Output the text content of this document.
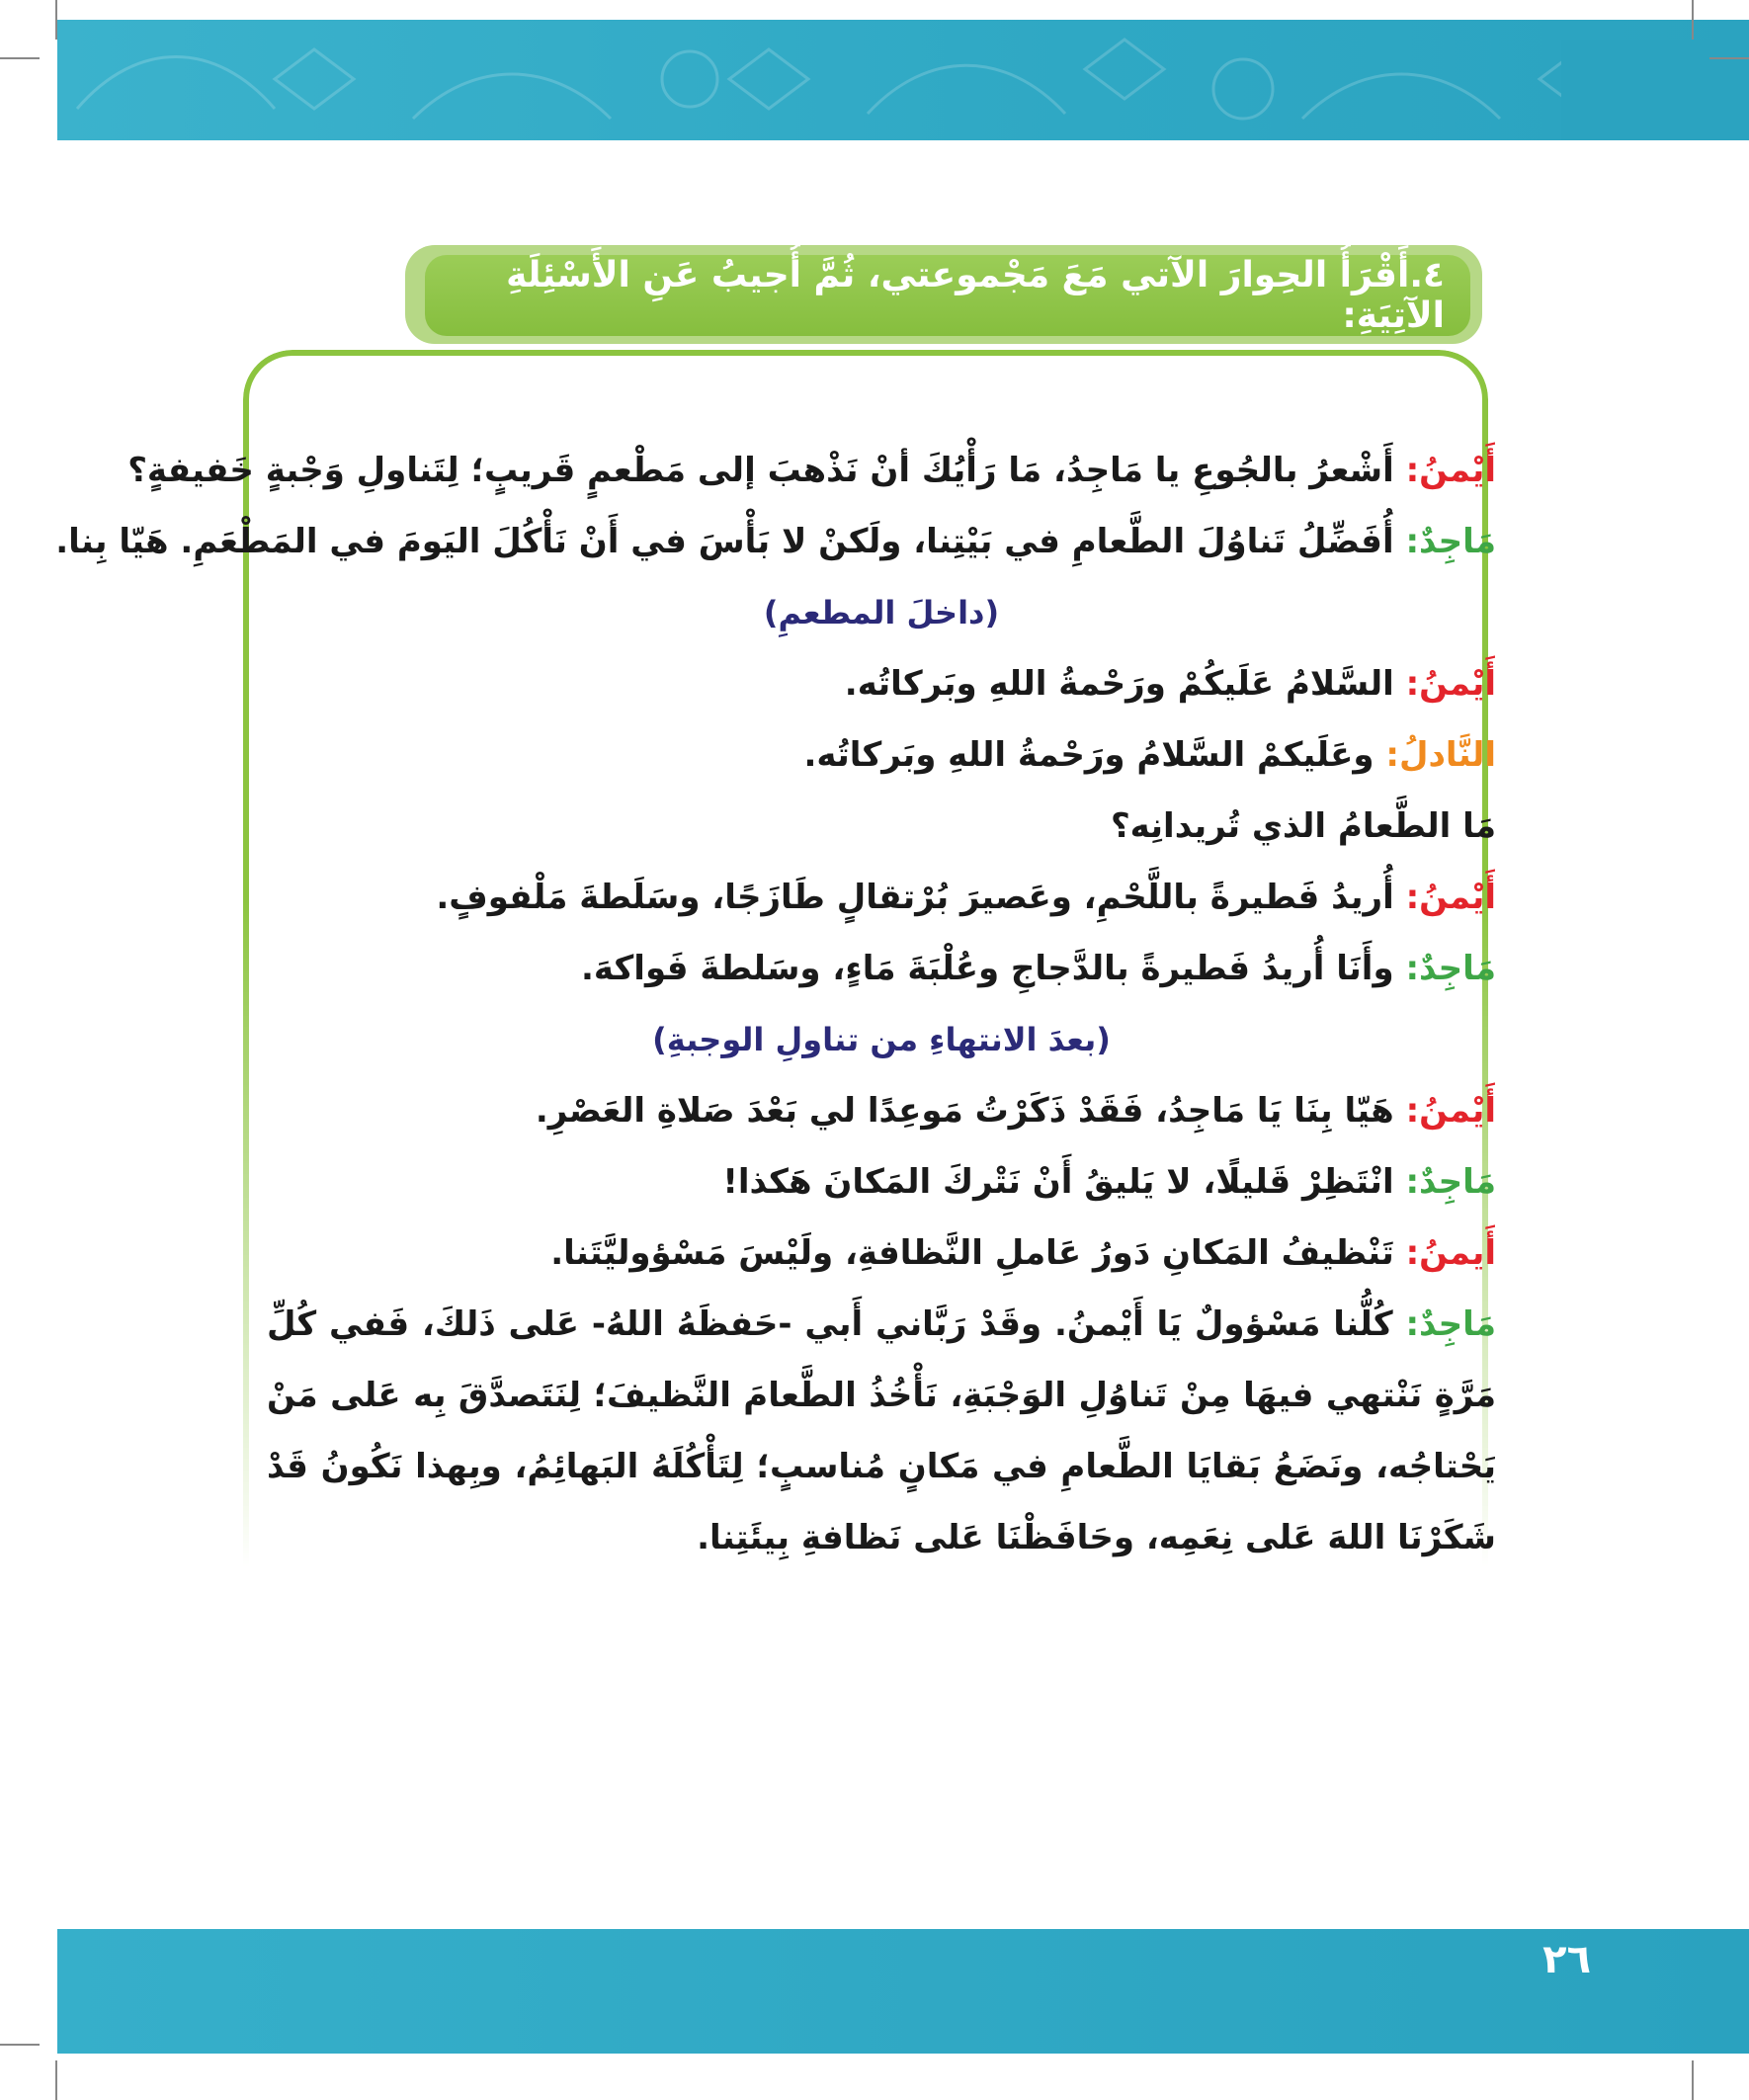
٤.أَقْرَأُ الحِوارَ الآتي مَعَ مَجْموعتي، ثُمَّ أُجيبُ عَنِ الأَسْئِلَةِ الآتِيَةِ:
أَيْمنُ: أَشْعرُ بالجُوعِ يا مَاجِدُ، مَا رَأْيُكَ أنْ نَذْهبَ إلى مَطْعمٍ قَريبٍ؛ لِتَناولِ وَجْبةٍ خَفيفةٍ؟
مَاجِدٌ: أُفَضِّلُ تَناوُلَ الطَّعامِ في بَيْتِنا، ولَكنْ لا بَأْسَ في أَنْ نَأْكُلَ اليَومَ في المَطْعَمِ. هَيّا بِنا.
(داخلَ المطعمِ)
أَيْمنُ: السَّلامُ عَلَيكُمْ ورَحْمةُ اللهِ وبَركاتُه.
النَّادلُ: وعَلَيكمْ السَّلامُ ورَحْمةُ اللهِ وبَركاتُه.
مَا الطَّعامُ الذي تُريدانِه؟
أَيْمنُ: أُريدُ فَطيرةً باللَّحْمِ، وعَصيرَ بُرْتقالٍ طَازَجًا، وسَلَطةَ مَلْفوفٍ.
مَاجِدٌ: وأَنَا أُريدُ فَطيرةً بالدَّجاجِ وعُلْبَةَ مَاءٍ، وسَلطةَ فَواكهَ.
(بعدَ الانتهاءِ من تناولِ الوجبةِ)
أَيْمنُ: هَيّا بِنَا يَا مَاجِدُ، فَقَدْ ذَكَرْتُ مَوعِدًا لي بَعْدَ صَلاةِ العَصْرِ.
مَاجِدٌ: انْتَظِرْ قَليلًا، لا يَليقُ أَنْ نَتْركَ المَكانَ هَكذا!
أَيمنُ: تَنْظيفُ المَكانِ دَورُ عَاملِ النَّظافةِ، ولَيْسَ مَسْؤوليَّتَنا.
مَاجِدٌ: كُلُّنا مَسْؤولٌ يَا أَيْمنُ. وقَدْ رَبَّاني أَبي -حَفظَهُ اللهُ- عَلى ذَلكَ، فَفي كُلِّ مَرَّةٍ نَنْتهي فيهَا مِنْ تَناوُلِ الوَجْبَةِ، نَأْخُذُ الطَّعامَ النَّظيفَ؛ لِنَتَصدَّقَ بِه عَلى مَنْ يَحْتاجُه، ونَضَعُ بَقايَا الطَّعامِ في مَكانٍ مُناسبٍ؛ لِتَأْكُلَهُ البَهائِمُ، وبِهذا نَكُونُ قَدْ شَكَرْنَا اللهَ عَلى نِعَمِه، وحَافَظْنَا عَلى نَظافةِ بِيئَتِنا.
٢٦
